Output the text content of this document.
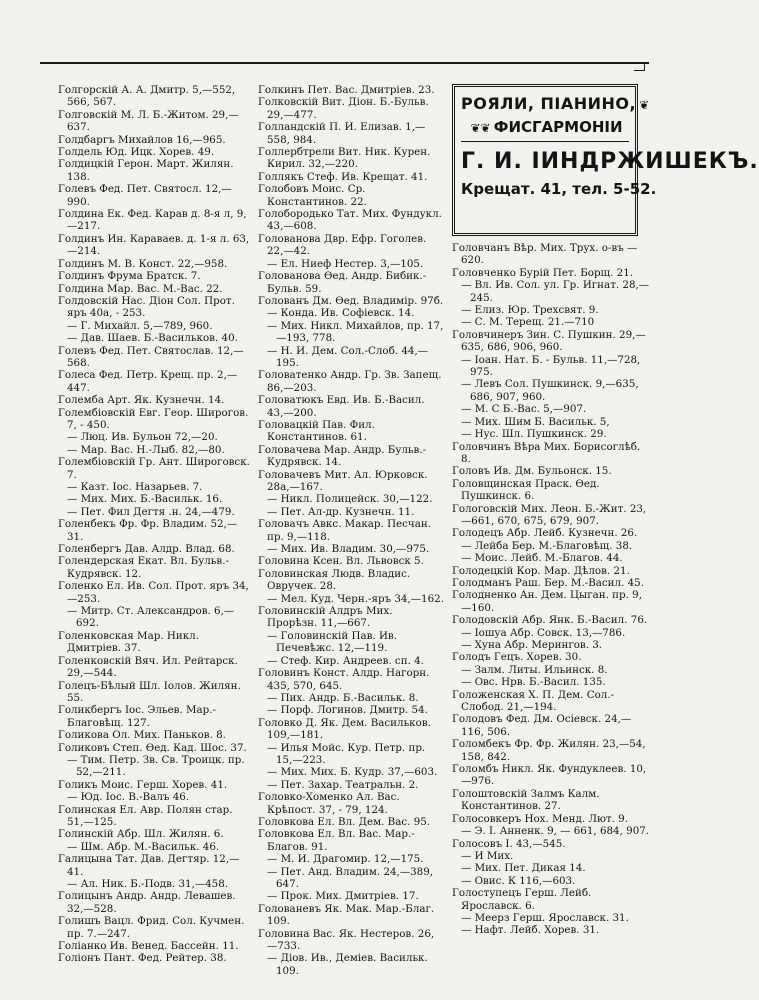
Голгорскій А. А. Дмитр. 5,—552, 566, 567.

Голговскій М. Л. Б.-Житом. 29,—637.

Голдбаргъ Михайлов 16,—965.

Голдель Юд. Ицк. Хорев. 49.

Голдицкій Герон. Март. Жилян. 138.

Голевъ Фед. Пет. Святосл. 12,—990.

Голдина Ек. Фед. Карав д. 8-я л, 9,—217.

Голдинъ Ин. Караваев. д. 1-я л. 63,—214.

Голдинъ М. В. Конст. 22,—958.

Голдинъ Фрума Братск. 7.

Голдина Мар. Вас. М.-Вас. 22.

Голдовскій Нас. Діон Сол. Прот. яръ 40а, - 253.

— Г. Михайл. 5,—789, 960.

— Дав. Шаев. Б.-Васильков. 40.

Голевъ Фед. Пет. Святослав. 12,—568.

Голеса Фед. Петр. Крещ. пр. 2,—447.

Големба Арт. Як. Кузнечн. 14.

Голембіовскій Евг. Геор. Широгов. 7, - 450.

— Люц. Ив. Бульон 72,—20.

— Мар. Вас. Н.-Лыб. 82,—80.

Голембіовскій Гр. Ант. Широговск. 7.

— Казт. Іос. Назарьев. 7.

— Мих. Мих. Б.-Васильк. 16.

— Пет. Фил Дегтя .н. 24,—479.

Голенбекъ Фр. Фр. Владим. 52,—31.

Голенбергъ Дав. Алдр. Влад. 68.

Голендерская Екат. Вл. Бульв.-Кудрявск. 12.

Голенко Ел. Ив. Сол. Прот. яръ 34,—253.

— Митр. Ст. Александров. 6,—692.

Голенковская Мар. Никл. Дмитріев. 37.

Голенковскій Вяч. Ил. Рейтарск. 29,—544.

Голецъ-Бѣлый Шл. Іолов. Жилян. 55.

Голикбергъ Іос. Эльев. Мар.-Благовѣщ. 127.

Голикова Ол. Мих. Паньков. 8.

Голиковъ Степ. Өед. Кад. Шос. 37.

— Тим. Петр. Зв. Св. Троицк. пр. 52,—211.

Голикъ Моис. Герш. Хорев. 41.

— Юд. Іос. В.-Валъ 46.

Голинская Ел. Авр. Полян стар. 51,—125.

Голинскій Абр. Шл. Жилян. 6.

— Шм. Абр. М.-Васильк. 46.

Галицына Тат. Дав. Дегтяр. 12,—41.

— Ал. Ник. Б.-Подв. 31,—458.

Голицынъ Андр. Андр. Левашев. 32,—528.

Голишъ Вацл. Фрид. Сол. Кучмен. пр. 7.—247.

Голіанко Ив. Венед. Бассейн. 11.

Голіонъ Пант. Фед. Рейтер. 38.

Голкинъ Пет. Вас. Дмитріев. 23.

Голковскій Вит. Діон. Б.-Бульв. 29,—477.

Голландскій П. И. Елизав. 1,—558, 984.

Голлербтрели Вит. Ник. Курен. Кирил. 32,—220.

Голлякъ Стеф. Ив. Крещат. 41.

Голобовъ Моис. Ср. Константинов. 22.

Голобородько Тат. Мих. Фундукл. 43,—608.

Голованова Двр. Ефр. Гоголев. 22,—42.

— Ел. Ниеф Нестер. 3,—105.

Голованова Өед. Андр. Бибик.-Бульв. 59.

Голованъ Дм. Өед. Владимір. 97б.

— Конда. Ив. Софіевск. 14.

— Мих. Никл. Михайлов, пр. 17,—193, 778.

— Н. И. Дем. Сол.-Слоб. 44,—195.

Головатенко Андр. Гр. Зв. Запещ. 86,—203.

Головатюкъ Евд. Ив. Б.-Васил. 43,—200.

Головацкій Пав. Фил. Константинов. 61.

Головачева Мар. Андр. Бульв.-Кудрявск. 14.

Головачевъ Мит. Ал. Юрковск. 28а,—167.

— Никл. Полицейск. 30,—122.

— Пет. Ал-др. Кузнечн. 11.

Головачъ Авкс. Макар. Песчан. пр. 9,—118.

— Мих. Ив. Владим. 30,—975.

Головина Ксен. Вл. Львовск 5.

Головинская Людв. Владис. Овручек. 28.

— Мел. Куд. Черн.-яръ 34,—162.

Головинскій Алдръ Мих. Прорѣзн. 11,—667.

— Головинскій Пав. Ив. Печевѣжс. 12,—119.

— Стеф. Кир. Андреев. сп. 4.

Головинъ Конст. Алдр. Нагорн. 435, 570, 645.

— Пих. Андр. Б.-Васильк. 8.

— Порф. Логинов. Дмитр. 54.

Головко Д. Як. Дем. Васильков. 109,—181.

— Илья Мойс. Кур. Петр. пр. 15,—223.

— Мих. Мих. Б. Кудр. 37,—603.

— Пет. Захар. Театральн. 2.

Головко-Хоменко Ал. Вас. Крѣпост. 37, - 79, 124.

Головкова Ел. Вл. Дем. Вас. 95.

Головкова Ел. Вл. Вас. Мар.-Благов. 91.

— М. И. Драгомир. 12,—175.

— Пет. Анд. Владим. 24,—389, 647.

— Прок. Мих. Дмитріев. 17.

Голованевъ Як. Мак. Мар.-Благ. 109.

Головина Вас. Як. Нестеров. 26,—733.

— Діов. Ив., Деміев. Васильк. 109.

РОЯЛИ, ПІАНИНО, ❦
❦❦ ФИСГАРМОНІИ
Г. И. ІИНДРЖИШЕКЪ.
Крещат. 41, тел. 5-52.

Головчанъ Вѣр. Мих. Трух. о-въ —620.

Головченко Бурій Пет. Борщ. 21.

— Вл. Ив. Сол. ул. Гр. Игнат. 28,—245.

— Елиз. Юр. Трехсвят. 9.

— С. М. Терещ. 21.—710

Головчинеръ Зин. С. Пушкин. 29,—635, 686, 906, 960.

— Іоан. Нат. Б. - Бульв. 11,—728, 975.

— Левъ Сол. Пушкинск. 9,—635, 686, 907, 960.

— М. С Б.-Вас. 5,—907.

— Мих. Шим Б. Васильк. 5,

— Нус. Шл. Пушкинск. 29.

Головчинъ Вѣра Мих. Борисоглѣб. 8.

Головъ Ив. Дм. Бульонск. 15.

Головщинская Праск. Өед. Пушкинск. 6.

Гологовскій Мих. Леон. Б.-Жит. 23,—661, 670, 675, 679, 907.

Голодецъ Абр. Лейб. Кузнечн. 26.

— Лейба Бер. М.-Благовѣщ. 38.

— Моис. Лейб. М.-Благов. 44.

Голодецкій Кор. Мар. Дѣлов. 21.

Голодманъ Раш. Бер. М.-Васил. 45.

Голодненко Ан. Дем. Цыган. пр. 9,—160.

Голодовскій Абр. Янк. Б.-Васил. 76.

— Іошуа Абр. Совск. 13,—786.

— Хуна Абр. Мерингов. 3.

Голодъ Гецъ. Хорев. 30.

— Залм. Литы. Ильинск. 8.

— Овс. Нрв. Б.-Васил. 135.

Голоженская Х. П. Дем. Сол.-Слобод. 21,—194.

Голодовъ Фед. Дм. Осіевск. 24,—116, 506.

Голомбекъ Фр. Фр. Жилян. 23,—54, 158, 842.

Голомбъ Никл. Як. Фундуклеев. 10,—976.

Голоштовскій Залмъ Калм. Константинов. 27.

Голосовкеръ Нох. Менд. Лют. 9.

— Э. І. Анненк. 9, — 661, 684, 907.

Голосовъ І. 43,—545.

— И Мих.

— Мих. Пет. Дикая 14.

— Овис. К 116,—603.

Голоступецъ Герш. Лейб. Ярославск. 6.

— Меерз Герш. Ярославск. 31.

— Нафт. Лейб. Хорев. 31.
